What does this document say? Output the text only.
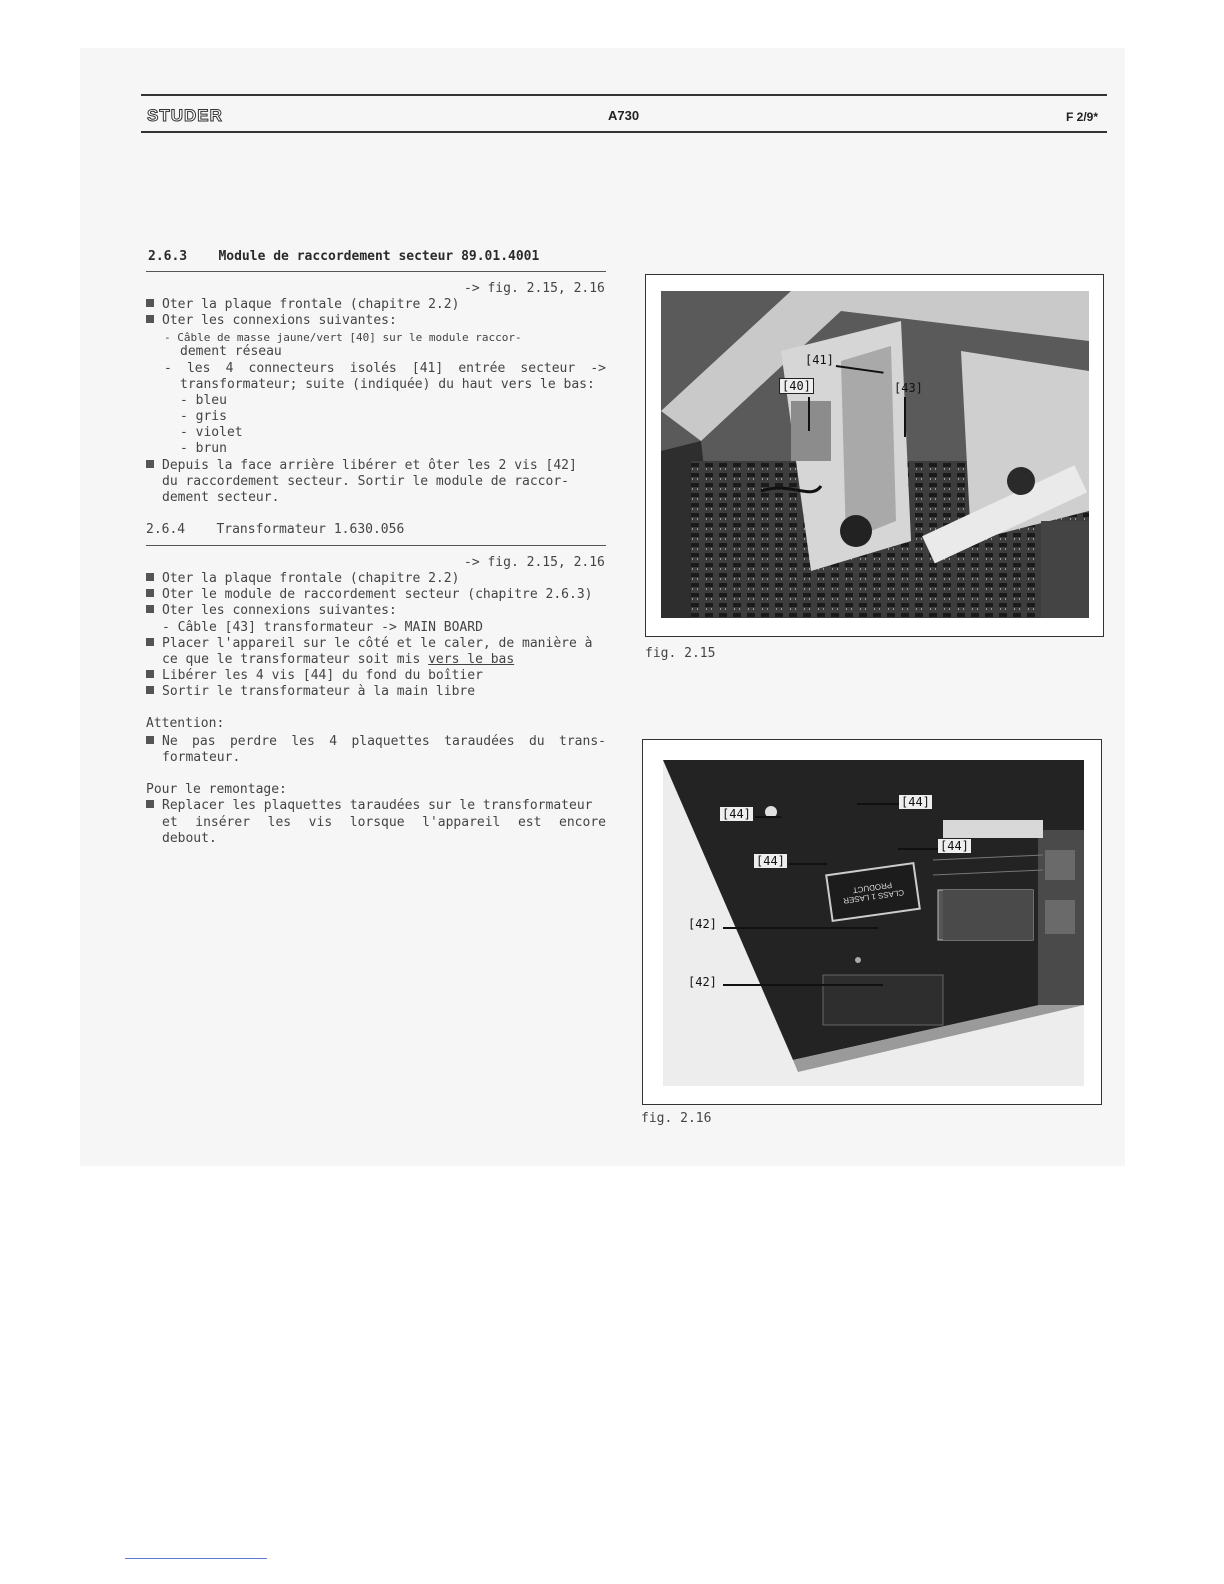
STUDER	A730	F 2/9*
2.6.3    Module de raccordement secteur 89.01.4001
-> fig. 2.15, 2.16
Oter la plaque frontale (chapitre 2.2)
Oter les connexions suivantes:
- Câble de masse jaune/vert [40] sur le module raccor-
dement réseau
- les 4 connecteurs isolés [41] entrée secteur ->
transformateur; suite (indiquée) du haut vers le bas:
- bleu
- gris
- violet
- brun
Depuis la face arrière libérer et ôter les 2 vis [42]
du raccordement secteur. Sortir le module de raccor-
dement secteur.
2.6.4    Transformateur 1.630.056
-> fig. 2.15, 2.16
Oter la plaque frontale (chapitre 2.2)
Oter le module de raccordement secteur (chapitre 2.6.3)
Oter les connexions suivantes:
- Câble [43] transformateur -> MAIN BOARD
Placer l'appareil sur le côté et le caler, de manière à
ce que le transformateur soit mis vers le bas
Libérer les 4 vis [44] du fond du boîtier
Sortir le transformateur à la main libre
Attention:
Ne pas perdre les 4 plaquettes taraudées du trans-
formateur.
Pour le remontage:
Replacer les plaquettes taraudées sur le transformateur
et insérer les vis lorsque l'appareil est encore
debout.
[41]
[40]	[43]
fig. 2.15
CLASS 1 LASER PRODUCT
[44]
[44]
[44]
[44]
[42]
[42]
fig. 2.16
